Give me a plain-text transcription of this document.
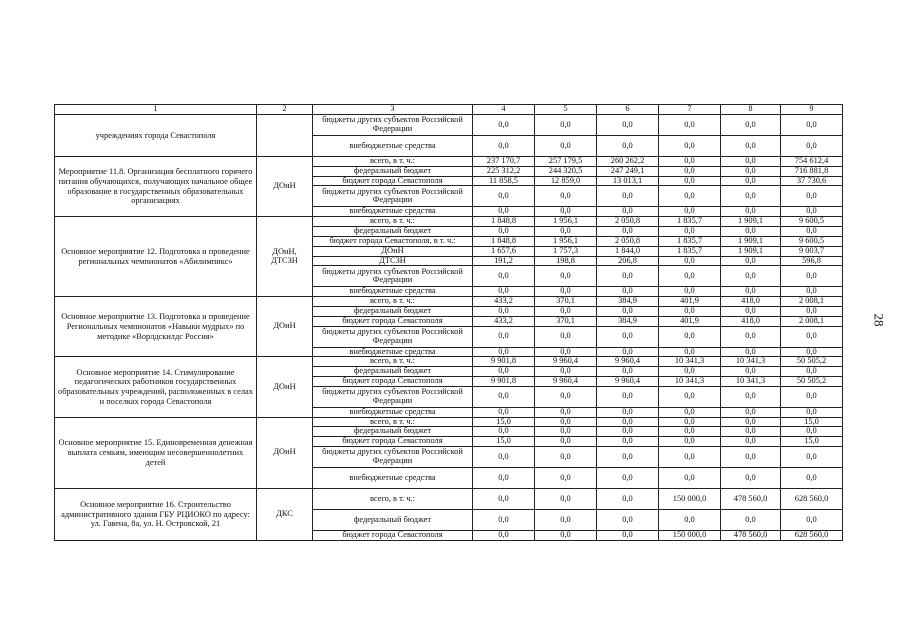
28
1	2	3	4	5	6	7	8	9
учреждениях города Севастополя		бюджеты других субъектов Российской Федерации	0,0	0,0	0,0	0,0	0,0	0,0
		внебюджетные средства	0,0	0,0	0,0	0,0	0,0	0,0
Мероприятие 11.8. Организация бесплатного горячего питания обучающихся, получающих начальное общее образование в государственных образовательных организациях	ДОиН	всего, в т. ч.:	237 170,7	257 179,5	260 262,2	0,0	0,0	754 612,4
		федеральный бюджет	225 312,2	244 320,5	247 249,1	0,0	0,0	716 881,8
		бюджет города Севастополя	11 858,5	12 859,0	13 013,1	0,0	0,0	37 730,6
		бюджеты других субъектов Российской Федерации	0,0	0,0	0,0	0,0	0,0	0,0
		внебюджетные средства	0,0	0,0	0,0	0,0	0,0	0,0
Основное мероприятие 12. Подготовка и проведение региональных чемпионатов «Абилимпикс»	ДОиН, ДТСЗН	всего, в т. ч.:	1 848,8	1 956,1	2 050,8	1 835,7	1 909,1	9 600,5
		федеральный бюджет	0,0	0,0	0,0	0,0	0,0	0,0
		бюджет города Севастополя, в т. ч.:	1 848,8	1 956,1	2 050,8	1 835,7	1 909,1	9 600,5
		ДОиН	1 657,6	1 757,3	1 844,0	1 835,7	1 909,1	9 003,7
		ДТСЗН	191,2	198,8	206,8	0,0	0,0	596,8
		бюджеты других субъектов Российской Федерации	0,0	0,0	0,0	0,0	0,0	0,0
		внебюджетные средства	0,0	0,0	0,0	0,0	0,0	0,0
Основное мероприятие 13. Подготовка и проведение Региональных чемпионатов «Навыки мудрых» по методике «Ворлдскилдс Россия»	ДОиН	всего, в т. ч.:	433,2	370,1	384,9	401,9	418,0	2 008,1
		федеральный бюджет	0,0	0,0	0,0	0,0	0,0	0,0
		бюджет города Севастополя	433,2	370,1	384,9	401,9	418,0	2 008,1
		бюджеты других субъектов Российской Федерации	0,0	0,0	0,0	0,0	0,0	0,0
		внебюджетные средства	0,0	0,0	0,0	0,0	0,0	0,0
Основное мероприятие 14. Стимулирование педагогических работников государственных образовательных учреждений, расположенных в селах и поселках города Севастополя	ДОиН	всего, в т. ч.:	9 901,8	9 960,4	9 960,4	10 341,3	10 341,3	50 505,2
		федеральный бюджет	0,0	0,0	0,0	0,0	0,0	0,0
		бюджет города Севастополя	9 901,8	9 960,4	9 960,4	10 341,3	10 341,3	50 505,2
		бюджеты других субъектов Российской Федерации	0,0	0,0	0,0	0,0	0,0	0,0
		внебюджетные средства	0,0	0,0	0,0	0,0	0,0	0,0
Основное мероприятие 15. Единовременная денежная выплата семьям, имеющим несовершеннолетних детей	ДОиН	всего, в т. ч.:	15,0	0,0	0,0	0,0	0,0	15,0
		федеральный бюджет	0,0	0,0	0,0	0,0	0,0	0,0
		бюджет города Севастополя	15,0	0,0	0,0	0,0	0,0	15,0
		бюджеты других субъектов Российской Федерации	0,0	0,0	0,0	0,0	0,0	0,0
		внебюджетные средства	0,0	0,0	0,0	0,0	0,0	0,0
Основное мероприятие 16. Строительство административного здания ГБУ РЦИОКО по адресу: ул. Гавена, 8а, ул. Н. Островской, 21	ДКС	всего, в т. ч.:	0,0	0,0	0,0	150 000,0	478 560,0	628 560,0
		федеральный бюджет	0,0	0,0	0,0	0,0	0,0	0,0
		бюджет города Севастополя	0,0	0,0	0,0	150 000,0	478 560,0	628 560,0
